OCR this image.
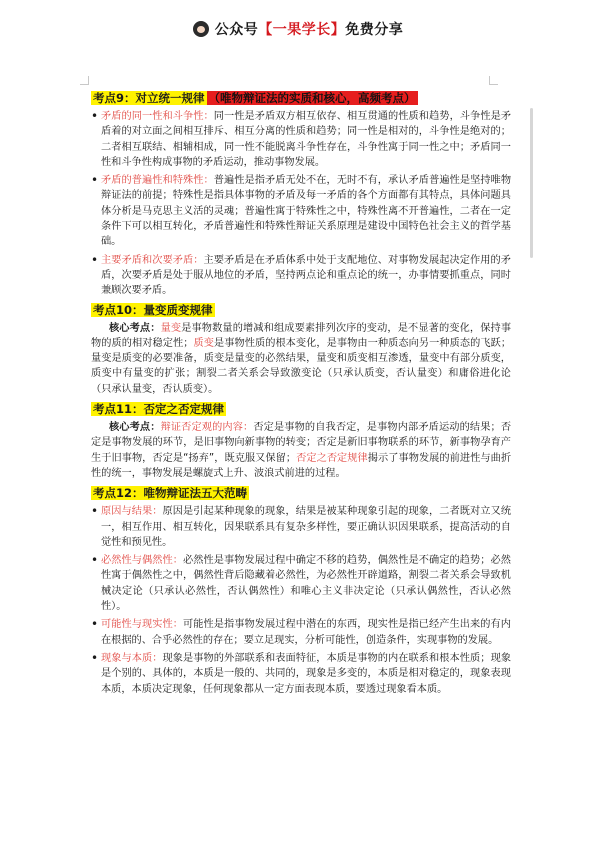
公众号【一果学长】免费分享
考点9：对立统一规律 （唯物辩证法的实质和核心，高频考点）
• 矛盾的同一性和斗争性：同一性是矛盾双方相互依存、相互贯通的性质和趋势，斗争性是矛盾着的对立面之间相互排斥、相互分离的性质和趋势；同一性是相对的，斗争性是绝对的；二者相互联结、相辅相成，同一性不能脱离斗争性存在，斗争性寓于同一性之中；矛盾同一性和斗争性构成事物的矛盾运动，推动事物发展。
• 矛盾的普遍性和特殊性：普遍性是指矛盾无处不在，无时不有，承认矛盾普遍性是坚持唯物辩证法的前提；特殊性是指具体事物的矛盾及每一矛盾的各个方面都有其特点，具体问题具体分析是马克思主义活的灵魂；普遍性寓于特殊性之中，特殊性离不开普遍性，二者在一定条件下可以相互转化，矛盾普遍性和特殊性辩证关系原理是建设中国特色社会主义的哲学基础。
• 主要矛盾和次要矛盾：主要矛盾是在矛盾体系中处于支配地位、对事物发展起决定作用的矛盾，次要矛盾是处于服从地位的矛盾，坚持两点论和重点论的统一，办事情要抓重点，同时兼顾次要矛盾。
考点10：量变质变规律

核心考点：量变是事物数量的增减和组成要素排列次序的变动，是不显著的变化，保持事物的质的相对稳定性；质变是事物性质的根本变化，是事物由一种质态向另一种质态的飞跃；量变是质变的必要准备，质变是量变的必然结果，量变和质变相互渗透，量变中有部分质变，质变中有量变的扩张；割裂二者关系会导致激变论（只承认质变，否认量变）和庸俗进化论（只承认量变，否认质变）。

考点11：否定之否定规律

核心考点：辩证否定观的内容：否定是事物的自我否定，是事物内部矛盾运动的结果；否定是事物发展的环节，是旧事物向新事物的转变；否定是新旧事物联系的环节，新事物孕育产生于旧事物，否定是“扬弃”，既克服又保留；否定之否定规律揭示了事物发展的前进性与曲折性的统一，事物发展是螺旋式上升、波浪式前进的过程。

考点12：唯物辩证法五大范畴
• 原因与结果：原因是引起某种现象的现象，结果是被某种现象引起的现象，二者既对立又统一，相互作用、相互转化，因果联系具有复杂多样性，要正确认识因果联系，提高活动的自觉性和预见性。
• 必然性与偶然性：必然性是事物发展过程中确定不移的趋势，偶然性是不确定的趋势；必然性寓于偶然性之中，偶然性背后隐藏着必然性，为必然性开辟道路，割裂二者关系会导致机械决定论（只承认必然性，否认偶然性）和唯心主义非决定论（只承认偶然性，否认必然性）。
• 可能性与现实性：可能性是指事物发展过程中潜在的东西，现实性是指已经产生出来的有内在根据的、合乎必然性的存在；要立足现实，分析可能性，创造条件，实现事物的发展。
• 现象与本质：现象是事物的外部联系和表面特征，本质是事物的内在联系和根本性质；现象是个别的、具体的，本质是一般的、共同的，现象是多变的，本质是相对稳定的，现象表现本质，本质决定现象，任何现象都从一定方面表现本质，要透过现象看本质。
